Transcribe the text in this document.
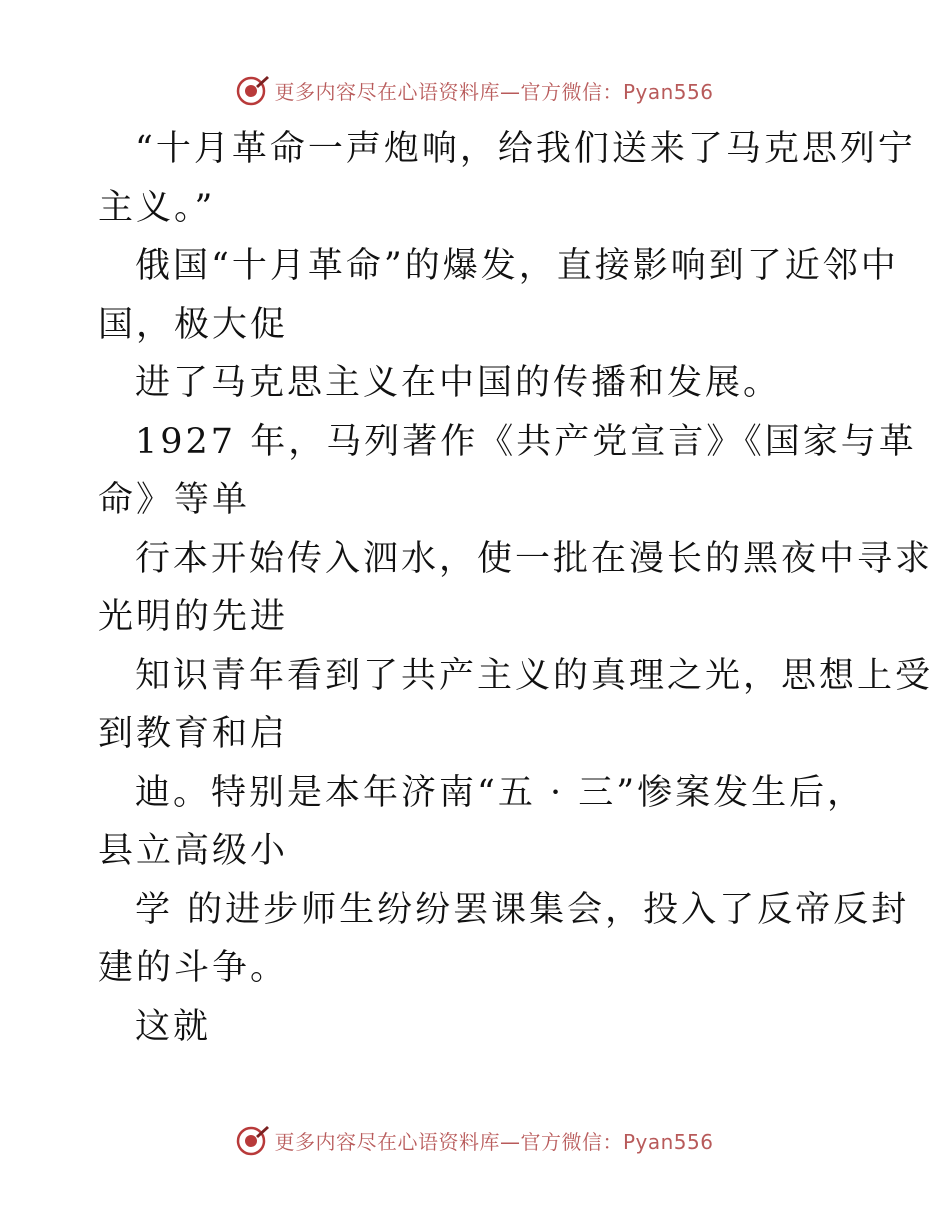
更多内容尽在心语资料库—官方微信：Pyan556
“十月革命一声炮响，给我们送来了马克思列宁
主义。”
俄国“十月革命”的爆发，直接影响到了近邻中
国，极大促
进了马克思主义在中国的传播和发展。
1927 年，马列著作《共产党宣言》《国家与革
命》等单
行本开始传入泗水，使一批在漫长的黑夜中寻求
光明的先进
知识青年看到了共产主义的真理之光，思想上受
到教育和启
迪。特别是本年济南“五 · 三”惨案发生后，
县立高级小
学 的进步师生纷纷罢课集会，投入了反帝反封
建的斗争。
这就
更多内容尽在心语资料库—官方微信：Pyan556
